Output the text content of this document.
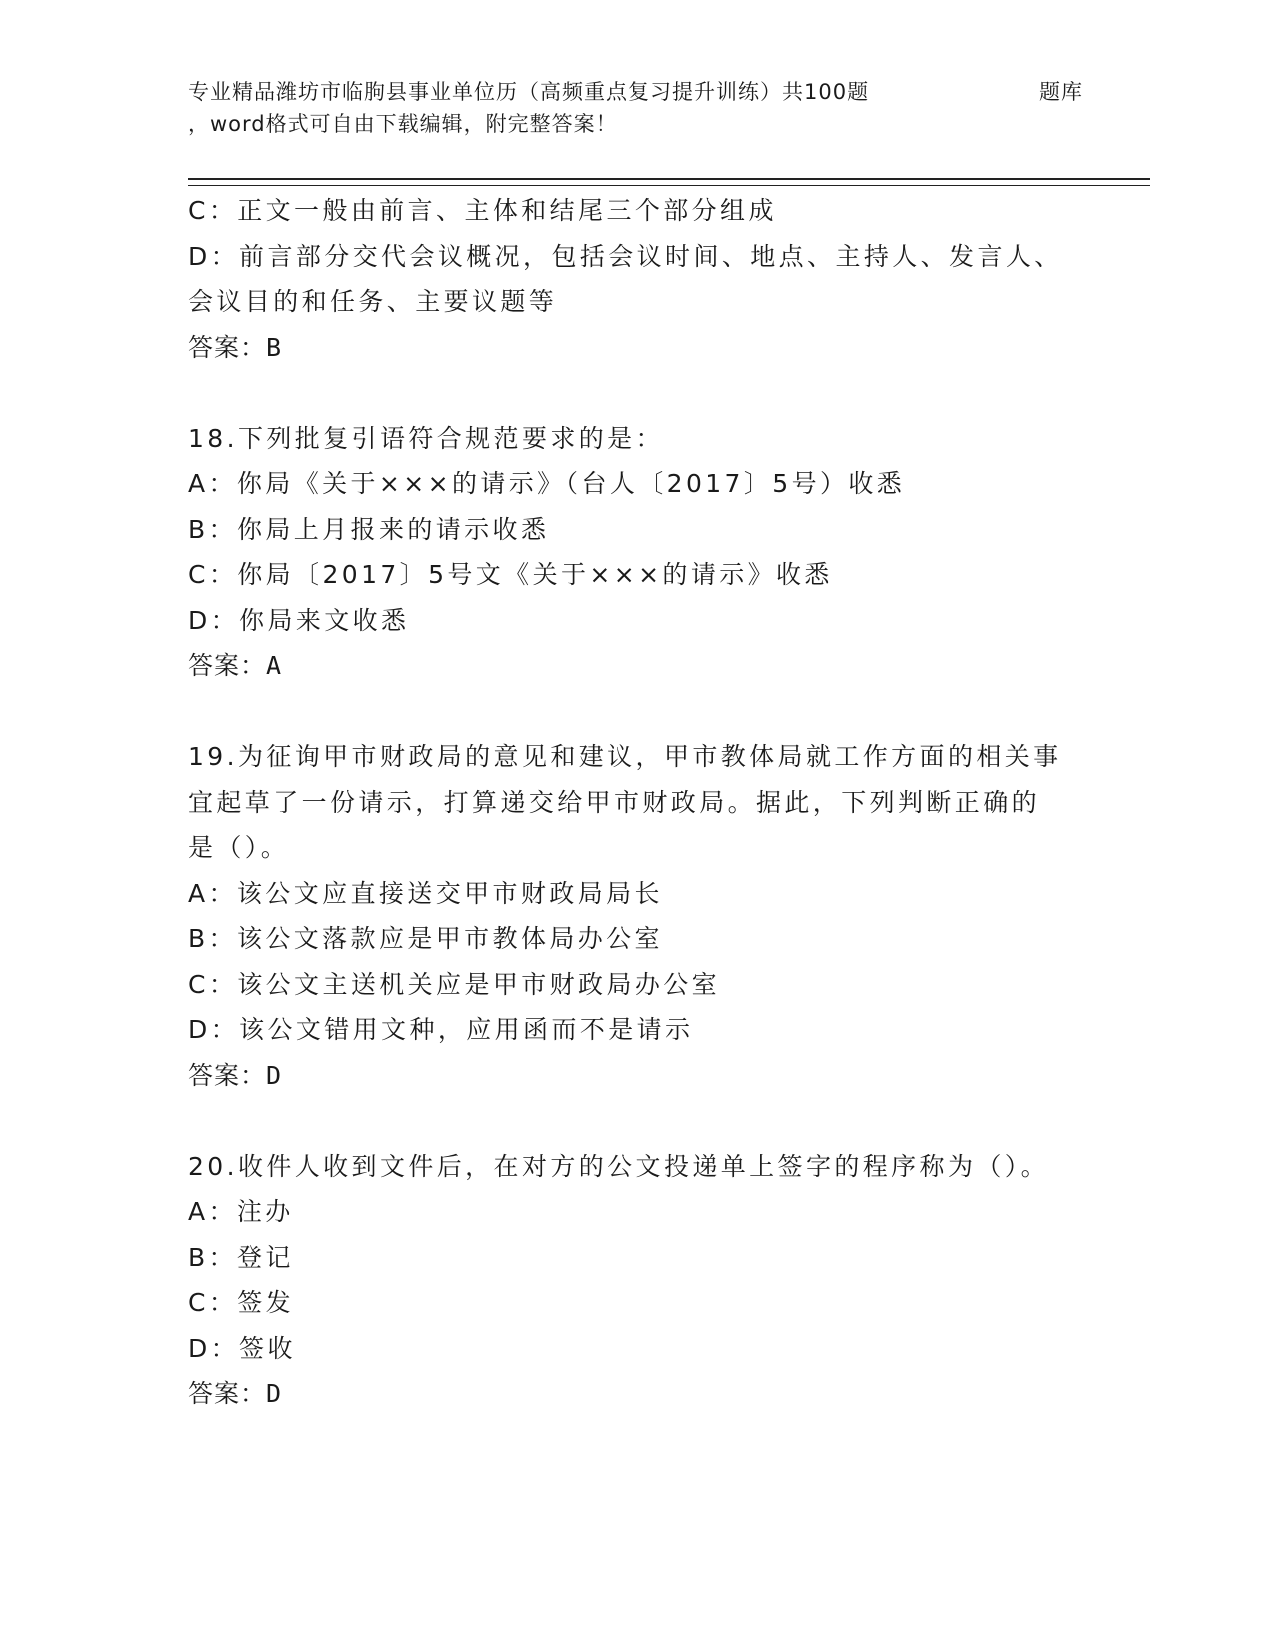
专业精品潍坊市临朐县事业单位历（高频重点复习提升训练）共100题	题库
，word格式可自由下载编辑，附完整答案！

C：正文一般由前言、主体和结尾三个部分组成

D：前言部分交代会议概况，包括会议时间、地点、主持人、发言人、

会议目的和任务、主要议题等

答案：B

18.下列批复引语符合规范要求的是：

A：你局《关于×××的请示》（台人〔2017〕5号）收悉

B：你局上月报来的请示收悉

C：你局〔2017〕5号文《关于×××的请示》收悉

D：你局来文收悉

答案：A

19.为征询甲市财政局的意见和建议，甲市教体局就工作方面的相关事

宜起草了一份请示，打算递交给甲市财政局。据此，下列判断正确的

是（）。

A：该公文应直接送交甲市财政局局长

B：该公文落款应是甲市教体局办公室

C：该公文主送机关应是甲市财政局办公室

D：该公文错用文种，应用函而不是请示

答案：D

20.收件人收到文件后，在对方的公文投递单上签字的程序称为（）。

A：注办

B：登记

C：签发

D：签收

答案：D
